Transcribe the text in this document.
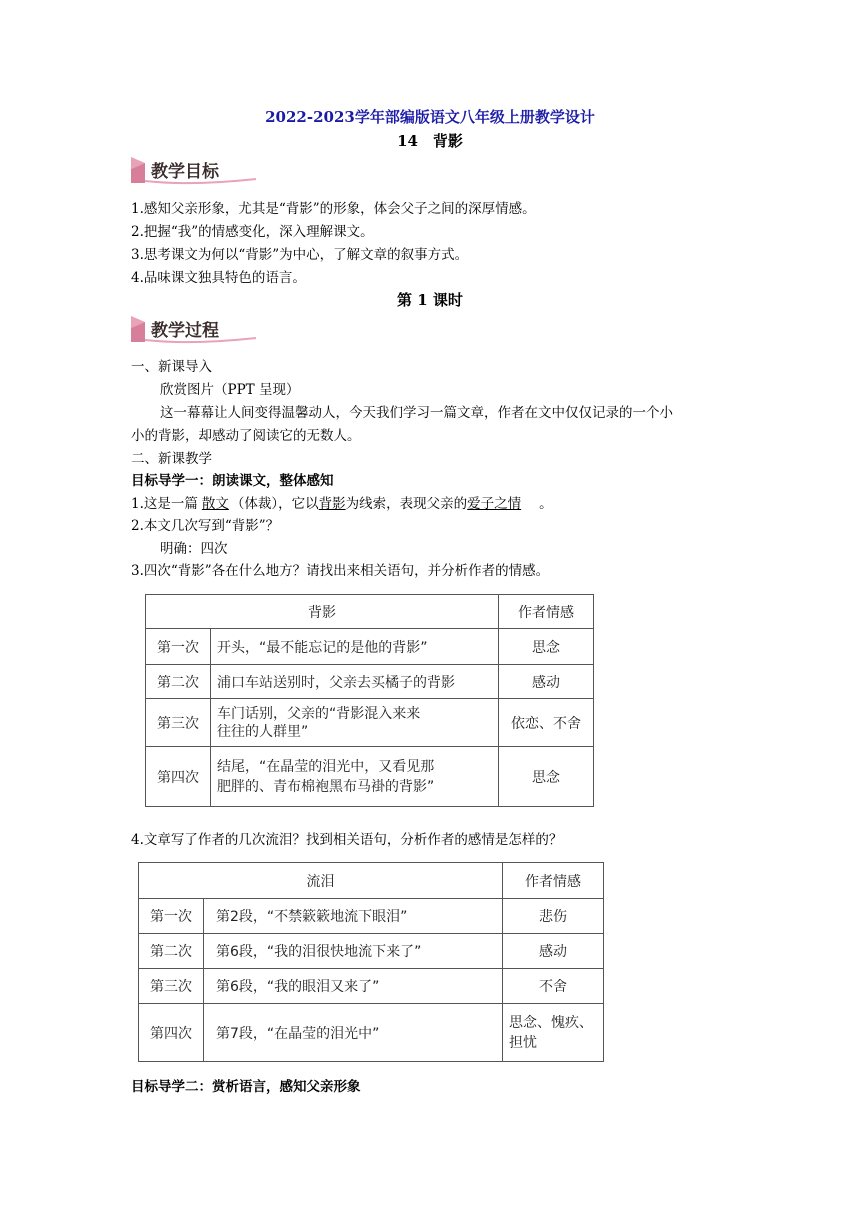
2022-2023学年部编版语文八年级上册教学设计
14　背影
教学目标
1.感知父亲形象，尤其是“背影”的形象，体会父子之间的深厚情感。
2.把握“我”的情感变化，深入理解课文。
3.思考课文为何以“背影”为中心，了解文章的叙事方式。
4.品味课文独具特色的语言。
第 1 课时
教学过程
一、新课导入
欣赏图片（PPT 呈现）
这一幕幕让人间变得温馨动人，今天我们学习一篇文章，作者在文中仅仅记录的一个小
小的背影，却感动了阅读它的无数人。
二、新课教学
目标导学一：朗读课文，整体感知
1.这是一篇 散文 （体裁），它以背影为线索，表现父亲的爱子之情 。
2.本文几次写到“背影”？
明确：四次
3.四次“背影”各在什么地方？请找出来相关语句，并分析作者的情感。
背影		作者情感
第一次	开头，“最不能忘记的是他的背影”	思念
第二次	浦口车站送别时，父亲去买橘子的背影	感动
第三次	车门话别，父亲的“背影混入来来
往往的人群里”	依恋、不舍
第四次	结尾，“在晶莹的泪光中，又看见那
肥胖的、青布棉袍黑布马褂的背影”	思念
4.文章写了作者的几次流泪？找到相关语句，分析作者的感情是怎样的？
流泪		作者情感
第一次	第2段，“不禁簌簌地流下眼泪”	悲伤
第二次	第6段，“我的泪很快地流下来了”	感动
第三次	第6段，“我的眼泪又来了”	不舍
第四次	第7段，“在晶莹的泪光中”	思念、愧疚、
担忧
目标导学二：赏析语言，感知父亲形象
